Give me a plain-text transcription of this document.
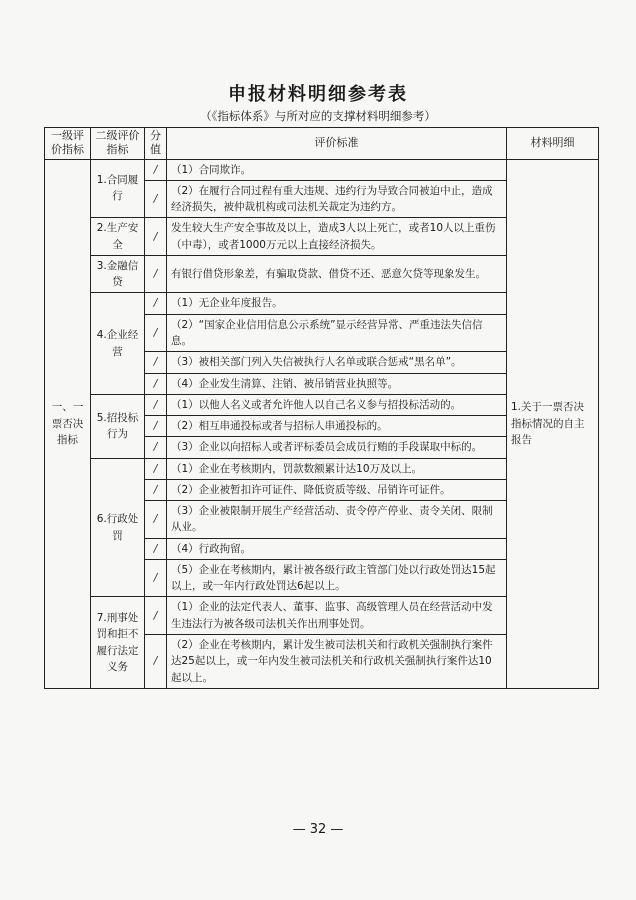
申报材料明细参考表
（《指标体系》与所对应的支撑材料明细参考）
一级评价指标	二级评价指标	分值	评价标准	材料明细
一、一票否决指标	1.合同履行	/	（1）合同欺诈。	1.关于一票否决指标情况的自主报告
		/	（2）在履行合同过程有重大违规、违约行为导致合同被迫中止，造成经济损失，被仲裁机构或司法机关裁定为违约方。	
	2.生产安全	/	发生较大生产安全事故及以上，造成3人以上死亡，或者10人以上重伤（中毒），或者1000万元以上直接经济损失。	
	3.金融信贷	/	有银行借贷形象差，有骗取贷款、借贷不还、恶意欠贷等现象发生。	
	4.企业经营	/	（1）无企业年度报告。	
		/	（2）“国家企业信用信息公示系统”显示经营异常、严重违法失信信息。	
		/	（3）被相关部门列入失信被执行人名单或联合惩戒“黑名单”。	
		/	（4）企业发生清算、注销、被吊销营业执照等。	
	5.招投标行为	/	（1）以他人名义或者允许他人以自己名义参与招投标活动的。	
		/	（2）相互串通投标或者与招标人串通投标的。	
		/	（3）企业以向招标人或者评标委员会成员行贿的手段谋取中标的。	
	6.行政处罚	/	（1）企业在考核期内，罚款数额累计达10万及以上。	
		/	（2）企业被暂扣许可证件、降低资质等级、吊销许可证件。	
		/	（3）企业被限制开展生产经营活动、责令停产停业、责令关闭、限制从业。	
		/	（4）行政拘留。	
		/	（5）企业在考核期内，累计被各级行政主管部门处以行政处罚达15起以上，或一年内行政处罚达6起以上。	
	7.刑事处罚和拒不履行法定义务	/	（1）企业的法定代表人、董事、监事、高级管理人员在经营活动中发生违法行为被各级司法机关作出刑事处罚。	
		/	（2）企业在考核期内，累计发生被司法机关和行政机关强制执行案件达25起以上，或一年内发生被司法机关和行政机关强制执行案件达10起以上。	
— 32 —
